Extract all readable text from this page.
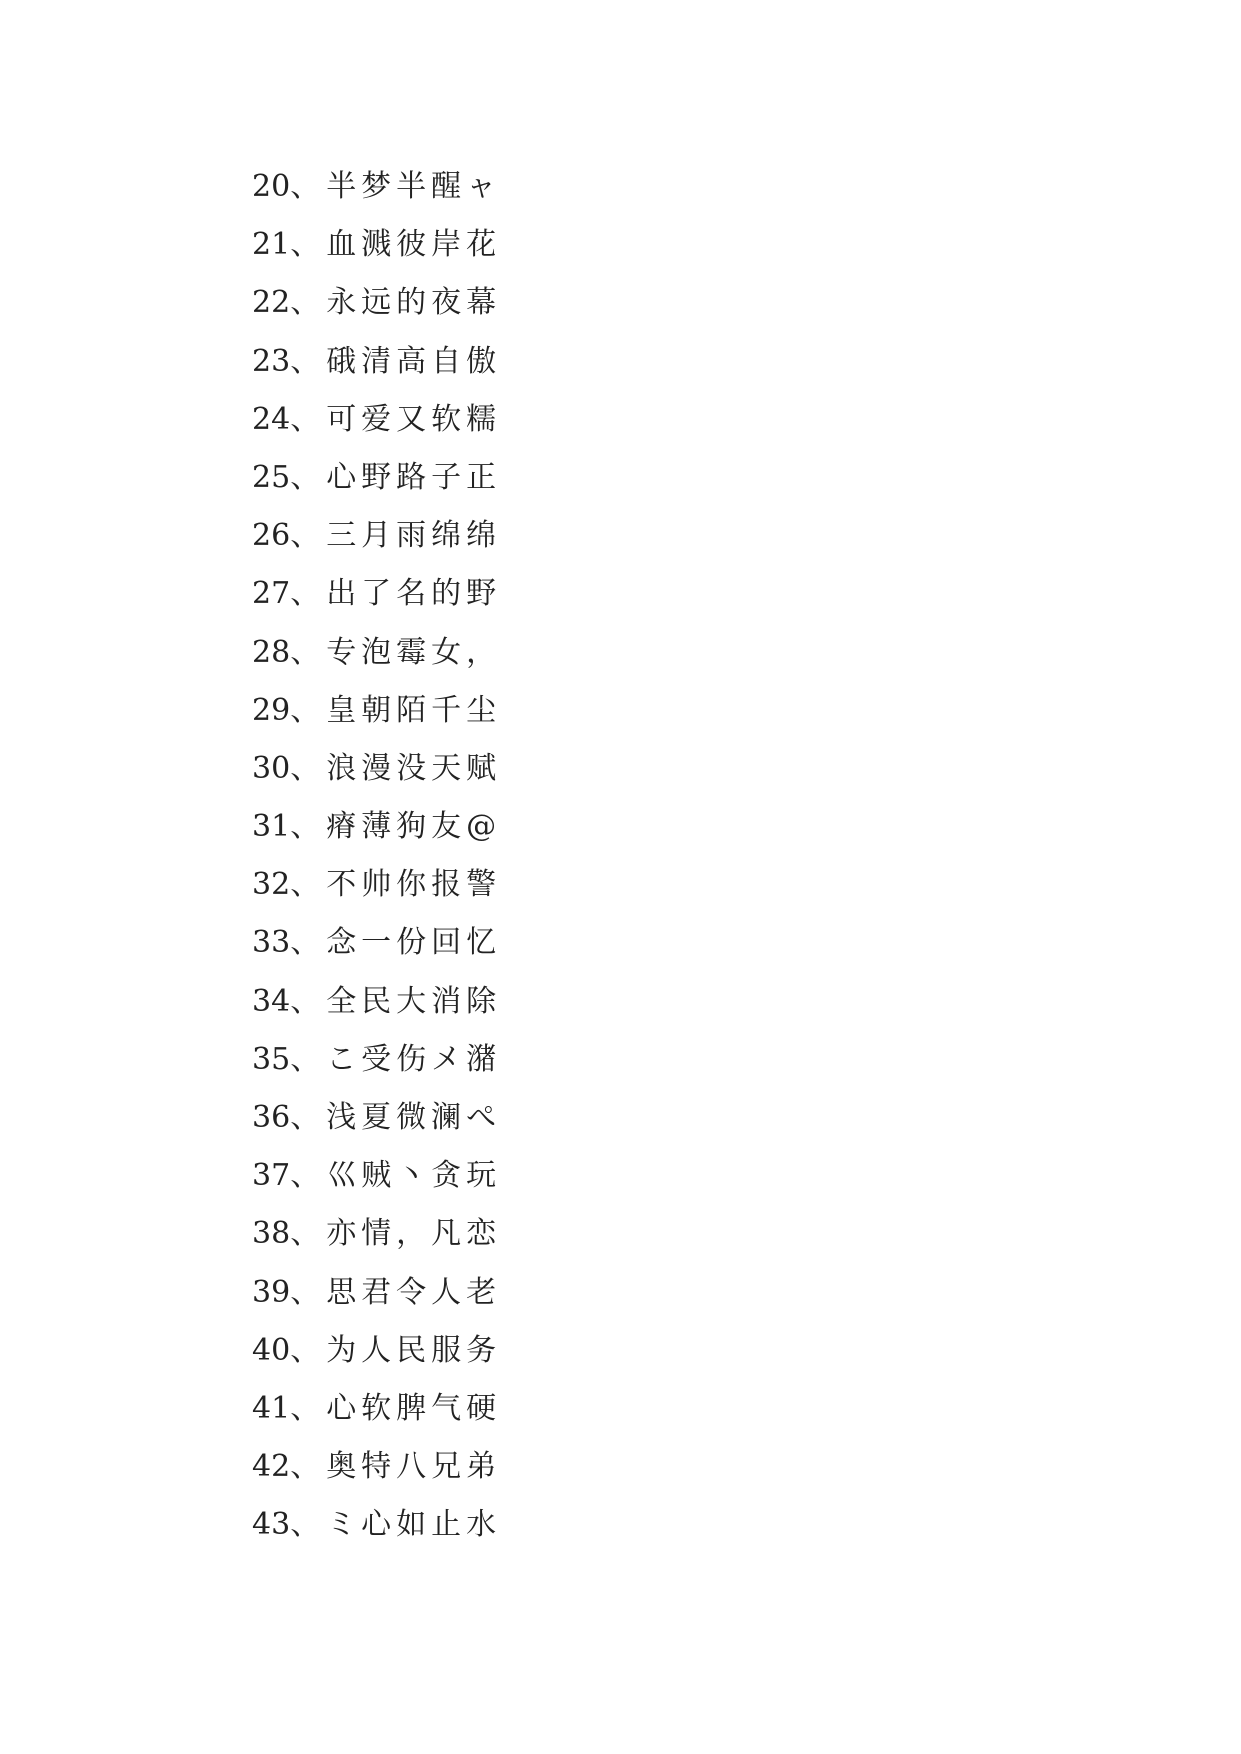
20、 半梦半醒ャ
21、 血溅彼岸花
22、 永远的夜幕
23、 硪清高自傲
24、 可爱又软糯
25、 心野路子正
26、 三月雨绵绵
27、 出了名的野
28、 专泡霉女，
29、 皇朝陌千尘
30、 浪漫没天赋
31、 瘠薄狗友@
32、 不帅你报警
33、 念一份回忆
34、 全民大消除
35、 こ受伤メ潴
36、 浅夏微澜ぺ
37、 巛贼丶贪玩
38、 亦情，凡恋
39、 思君令人老
40、 为人民服务
41、 心软脾气硬
42、 奥特八兄弟
43、 ミ心如止水
